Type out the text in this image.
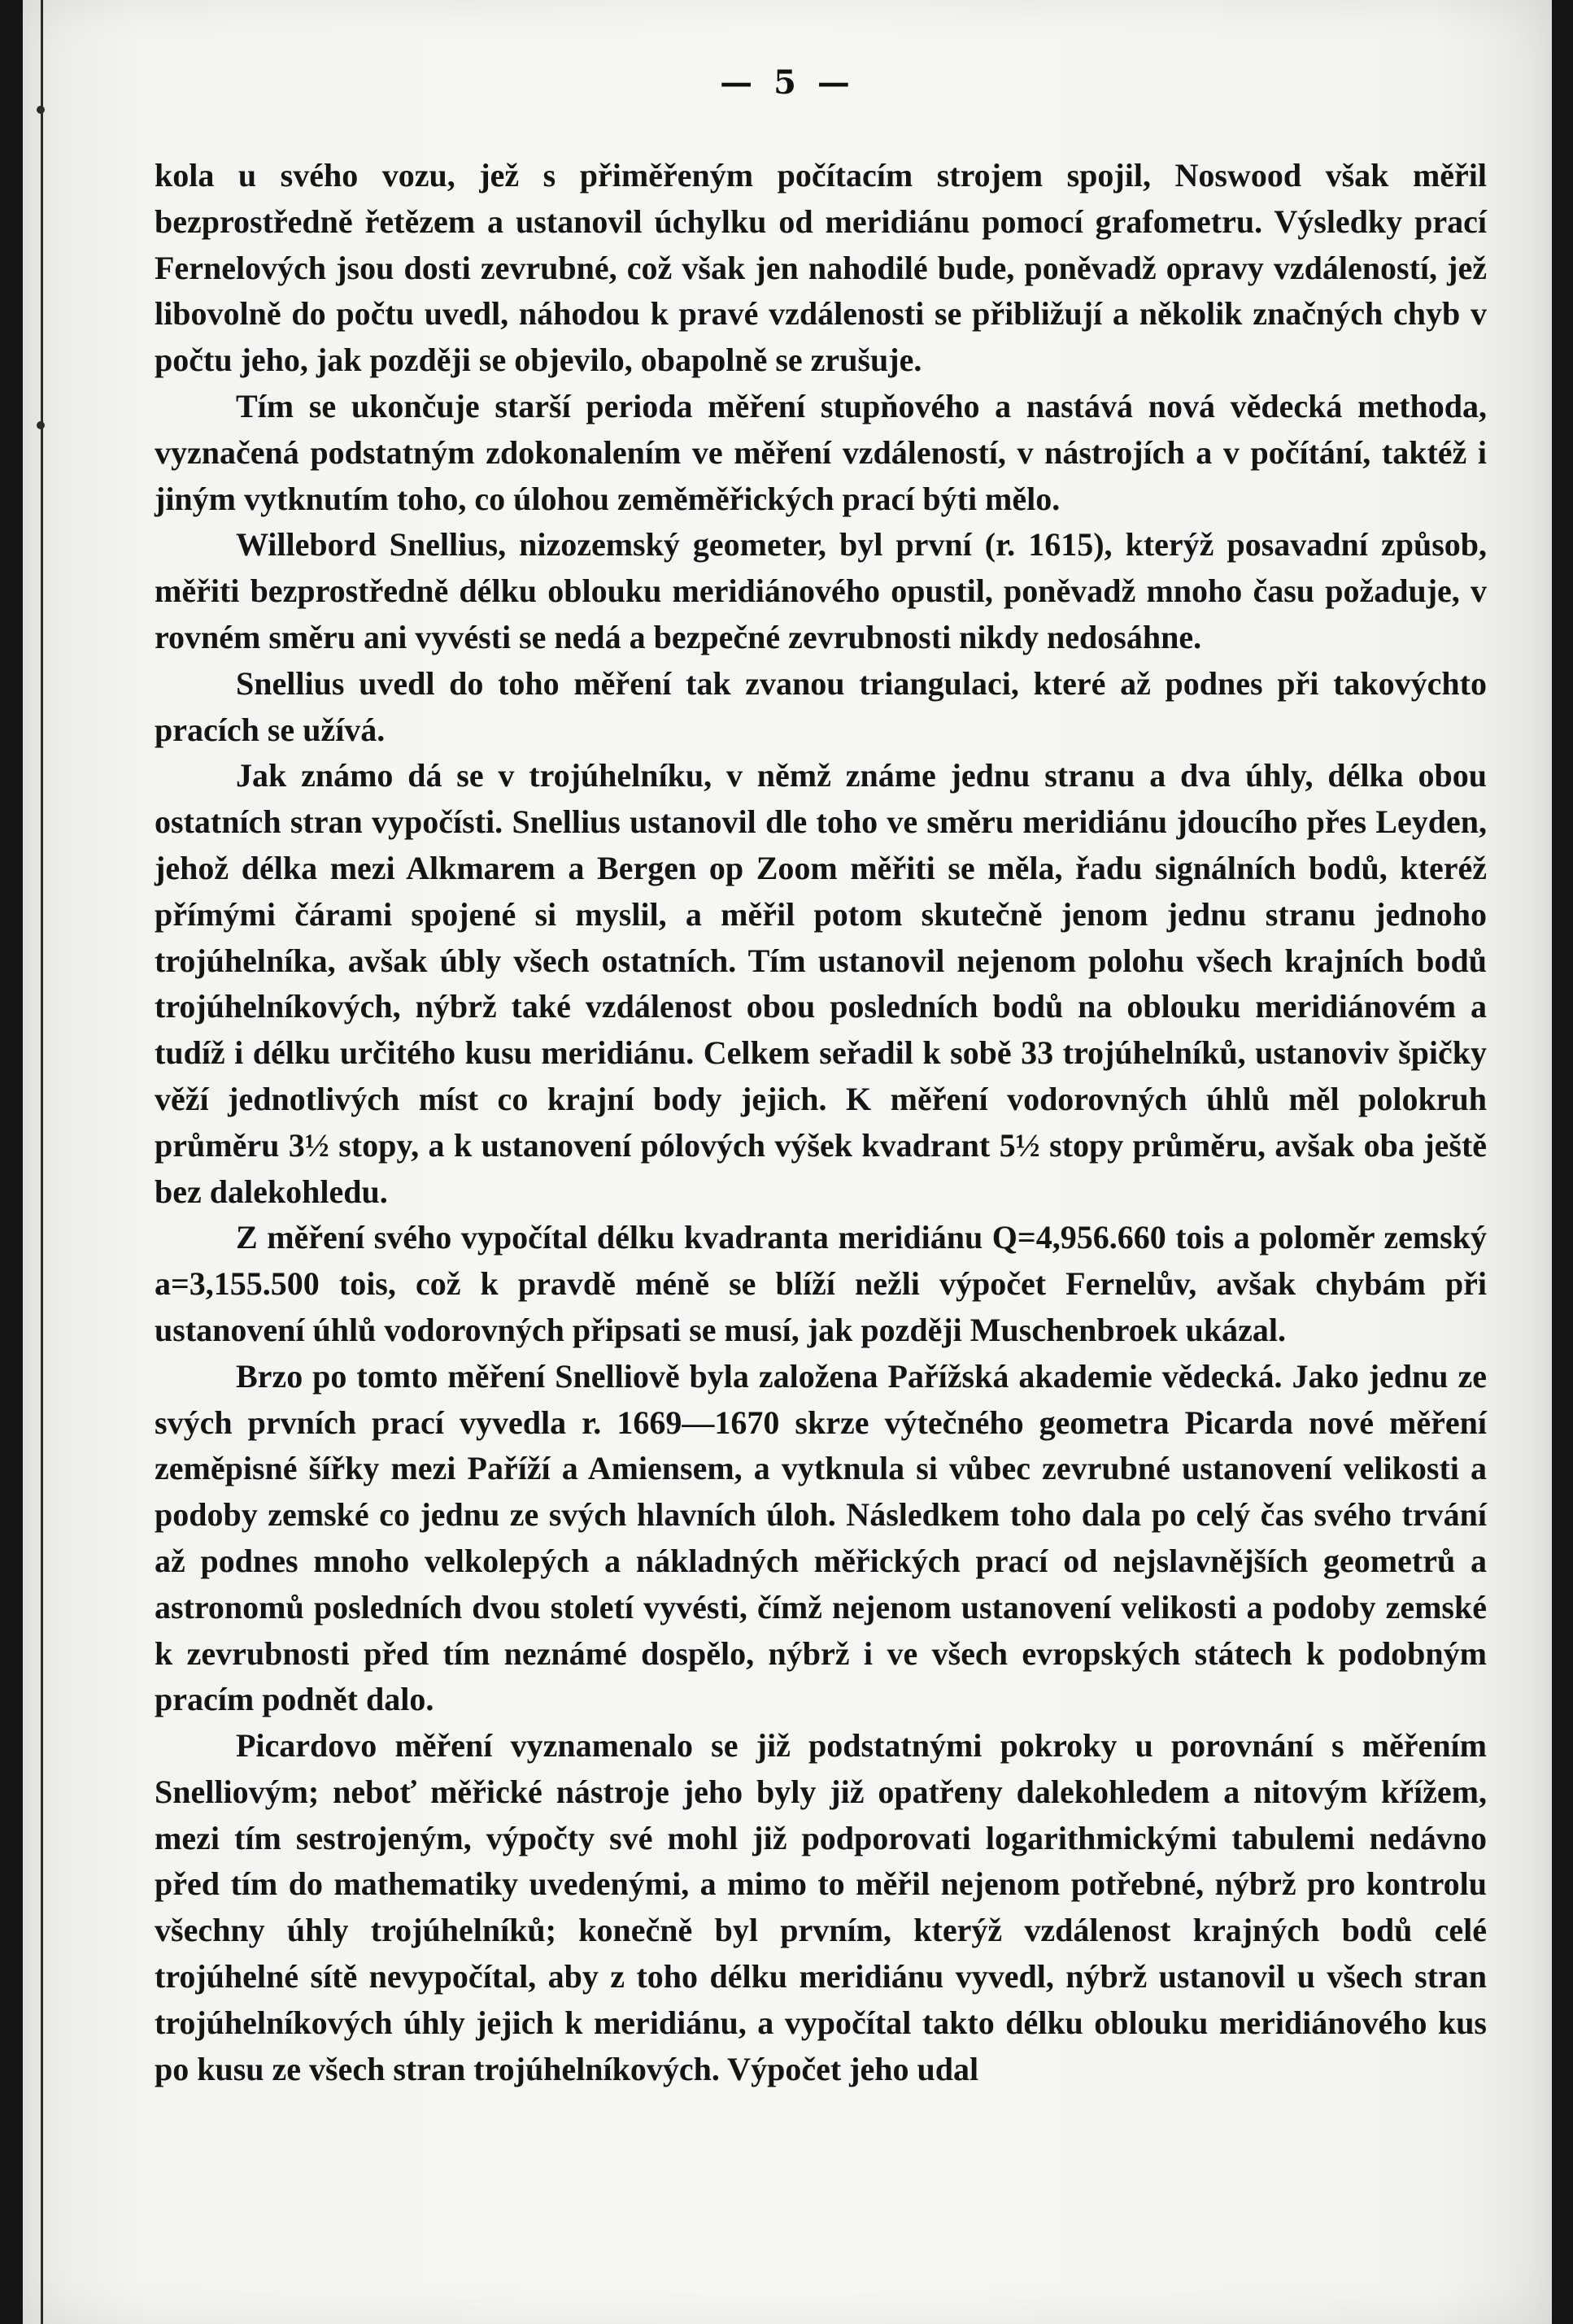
— 5 —

kola u svého vozu, jež s přiměřeným počítacím strojem spojil, Noswood však měřil bezprostředně řetězem a ustanovil úchylku od meridiánu pomocí grafometru. Výsledky prací Fernelových jsou dosti zevrubné, což však jen nahodilé bude, poněvadž opravy vzdáleností, jež libovolně do počtu uvedl, náhodou k pravé vzdálenosti se přibližují a několik značných chyb v počtu jeho, jak později se objevilo, obapolně se zrušuje.

Tím se ukončuje starší perioda měření stupňového a nastává nová vědecká methoda, vyznačená podstatným zdokonalením ve měření vzdáleností, v nástrojích a v počítání, taktéž i jiným vytknutím toho, co úlohou zeměměřických prací býti mělo.

Willebord Snellius, nizozemský geometer, byl první (r. 1615), kterýž posavadní způsob, měřiti bezprostředně délku oblouku meridiánového opustil, poněvadž mnoho času požaduje, v rovném směru ani vyvésti se nedá a bezpečné zevrubnosti nikdy nedosáhne.

Snellius uvedl do toho měření tak zvanou triangulaci, které až podnes při takovýchto pracích se užívá.

Jak známo dá se v trojúhelníku, v němž známe jednu stranu a dva úhly, délka obou ostatních stran vypočísti. Snellius ustanovil dle toho ve směru meridiánu jdoucího přes Leyden, jehož délka mezi Alkmarem a Bergen op Zoom měřiti se měla, řadu signálních bodů, kteréž přímými čárami spojené si myslil, a měřil potom skutečně jenom jednu stranu jednoho trojúhelníka, avšak úbly všech ostatních. Tím ustanovil nejenom polohu všech krajních bodů trojúhelníkových, nýbrž také vzdálenost obou posledních bodů na oblouku meridiánovém a tudíž i délku určitého kusu meridiánu. Celkem seřadil k sobě 33 trojúhelníků, ustanoviv špičky věží jednotlivých míst co krajní body jejich. K měření vodorovných úhlů měl polokruh průměru 3½ stopy, a k ustanovení pólových výšek kvadrant 5½ stopy průměru, avšak oba ještě bez dalekohledu.

Z měření svého vypočítal délku kvadranta meridiánu Q=4,956.660 tois a poloměr zemský a=3,155.500 tois, což k pravdě méně se blíží nežli výpočet Fernelův, avšak chybám při ustanovení úhlů vodorovných připsati se musí, jak později Muschenbroek ukázal.

Brzo po tomto měření Snelliově byla založena Pařížská akademie vědecká. Jako jednu ze svých prvních prací vyvedla r. 1669—1670 skrze výtečného geometra Picarda nové měření zeměpisné šířky mezi Paříží a Amiensem, a vytknula si vůbec zevrubné ustanovení velikosti a podoby zemské co jednu ze svých hlavních úloh. Následkem toho dala po celý čas svého trvání až podnes mnoho velkolepých a nákladných měřických prací od nejslavnějších geometrů a astronomů posledních dvou století vyvésti, čímž nejenom ustanovení velikosti a podoby zemské k zevrubnosti před tím neznámé dospělo, nýbrž i ve všech evropských státech k podobným pracím podnět dalo.

Picardovo měření vyznamenalo se již podstatnými pokroky u porovnání s měřením Snelliovým; neboť měřické nástroje jeho byly již opatřeny dalekohledem a nitovým křížem, mezi tím sestrojeným, výpočty své mohl již podporovati logarithmickými tabulemi nedávno před tím do mathematiky uvedenými, a mimo to měřil nejenom potřebné, nýbrž pro kontrolu všechny úhly trojúhelníků; konečně byl prvním, kterýž vzdálenost krajných bodů celé trojúhelné sítě nevypočítal, aby z toho délku meridiánu vyvedl, nýbrž ustanovil u všech stran trojúhelníkových úhly jejich k meridiánu, a vypočítal takto délku oblouku meridiánového kus po kusu ze všech stran trojúhelníkových. Výpočet jeho udal
